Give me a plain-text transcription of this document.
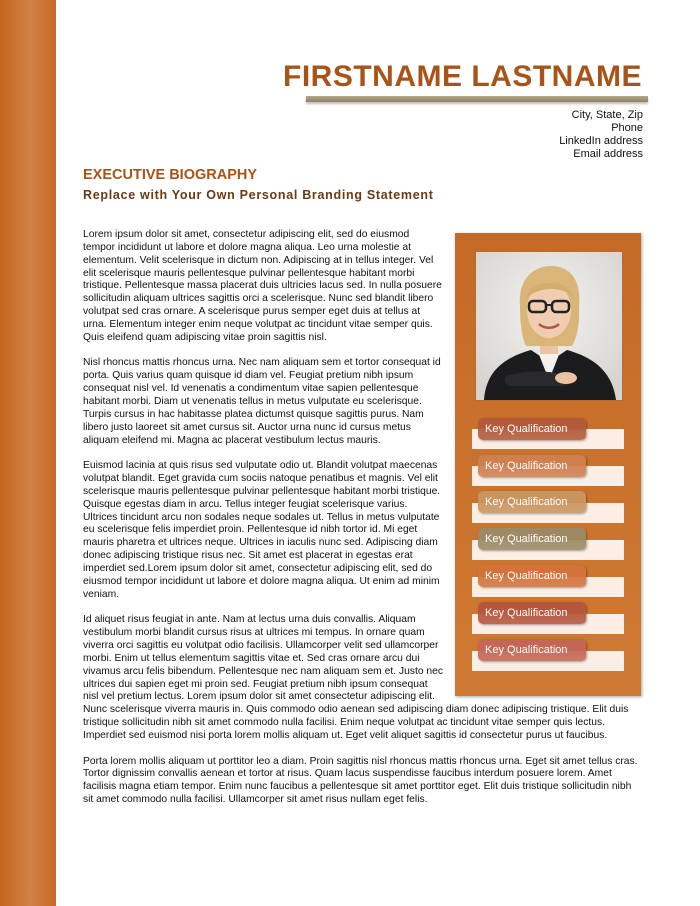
FIRSTNAME LASTNAME
City, State, Zip
Phone
LinkedIn address
Email address
EXECUTIVE BIOGRAPHY
Replace with Your Own Personal Branding Statement

Lorem ipsum dolor sit amet, consectetur adipiscing elit, sed do eiusmod tempor incididunt ut labore et dolore magna aliqua. Leo urna molestie at elementum. Velit scelerisque in dictum non. Adipiscing at in tellus integer. Vel elit scelerisque mauris pellentesque pulvinar pellentesque habitant morbi tristique. Pellentesque massa placerat duis ultricies lacus sed. In nulla posuere sollicitudin aliquam ultrices sagittis orci a scelerisque. Nunc sed blandit libero volutpat sed cras ornare. A scelerisque purus semper eget duis at tellus at urna. Elementum integer enim neque volutpat ac tincidunt vitae semper quis. Quis eleifend quam adipiscing vitae proin sagittis nisl.

Nisl rhoncus mattis rhoncus urna. Nec nam aliquam sem et tortor consequat id porta. Quis varius quam quisque id diam vel. Feugiat pretium nibh ipsum consequat nisl vel. Id venenatis a condimentum vitae sapien pellentesque habitant morbi. Diam ut venenatis tellus in metus vulputate eu scelerisque.

Turpis cursus in hac habitasse platea dictumst quisque sagittis purus. Nam libero justo laoreet sit amet cursus sit. Auctor urna nunc id cursus metus aliquam eleifend mi. Magna ac placerat vestibulum lectus mauris.

Euismod lacinia at quis risus sed vulputate odio ut. Blandit volutpat maecenas volutpat blandit. Eget gravida cum sociis natoque penatibus et magnis. Vel elit scelerisque mauris pellentesque pulvinar pellentesque habitant morbi tristique. Quisque egestas diam in arcu. Tellus integer feugiat scelerisque varius. Ultrices tincidunt arcu non sodales neque sodales ut. Tellus in metus vulputate eu scelerisque felis imperdiet proin. Pellentesque id nibh tortor id. Mi eget mauris pharetra et ultrices neque. Ultrices in iaculis nunc sed. Adipiscing diam donec adipiscing tristique risus nec. Sit amet est placerat in egestas erat imperdiet sed.Lorem ipsum dolor sit amet, consectetur adipiscing elit, sed do eiusmod tempor incididunt ut labore et dolore magna aliqua. Ut enim ad minim veniam.

Id aliquet risus feugiat in ante. Nam at lectus urna duis convallis. Aliquam vestibulum morbi blandit cursus risus at ultrices mi tempus. In ornare quam viverra orci sagittis eu volutpat odio facilisis. Ullamcorper velit sed ullamcorper morbi. Enim ut tellus elementum sagittis vitae et. Sed cras ornare arcu dui vivamus arcu felis bibendum. Pellentesque nec nam aliquam sem et. Justo nec ultrices dui sapien eget mi proin sed. Feugiat pretium nibh ipsum consequat nisl vel pretium lectus. Lorem ipsum dolor sit amet consectetur adipiscing elit. Nunc scelerisque viverra mauris in. Quis commodo odio aenean sed adipiscing diam donec adipiscing tristique. Elit duis tristique sollicitudin nibh sit amet commodo nulla facilisi. Enim neque volutpat ac tincidunt vitae semper quis lectus. Imperdiet sed euismod nisi porta lorem mollis aliquam ut. Eget velit aliquet sagittis id consectetur purus ut faucibus.

Porta lorem mollis aliquam ut porttitor leo a diam. Proin sagittis nisl rhoncus mattis rhoncus urna. Eget sit amet tellus cras. Tortor dignissim convallis aenean et tortor at risus. Quam lacus suspendisse faucibus interdum posuere lorem. Amet facilisis magna etiam tempor. Enim nunc faucibus a pellentesque sit amet porttitor eget. Elit duis tristique sollicitudin nibh sit amet commodo nulla facilisi. Ullamcorper sit amet risus nullam eget felis.

Key Qualification
Key Qualification
Key Qualification
Key Qualification
Key Qualification
Key Qualification
Key Qualification
